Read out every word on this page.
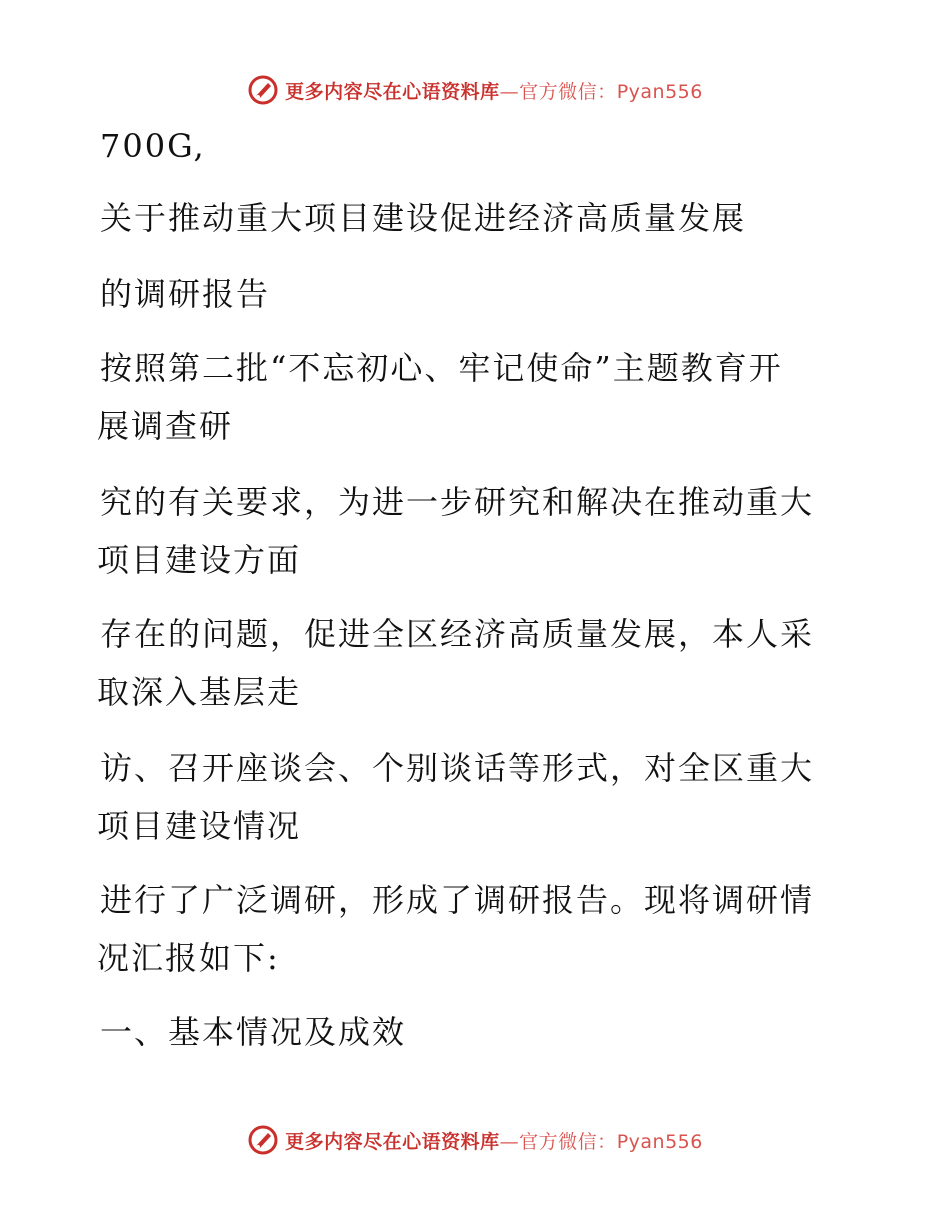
更多内容尽在心语资料库—官方微信：Pyan556
700G,
关于推动重大项目建设促进经济高质量发展
的调研报告
按照第二批“不忘初心、牢记使命”主题教育开
展调查研
究的有关要求，为进一步研究和解决在推动重大
项目建设方面
存在的问题，促进全区经济高质量发展，本人采
取深入基层走
访、召开座谈会、个别谈话等形式，对全区重大
项目建设情况
进行了广泛调研，形成了调研报告。现将调研情
况汇报如下:
一、基本情况及成效
更多内容尽在心语资料库—官方微信：Pyan556
